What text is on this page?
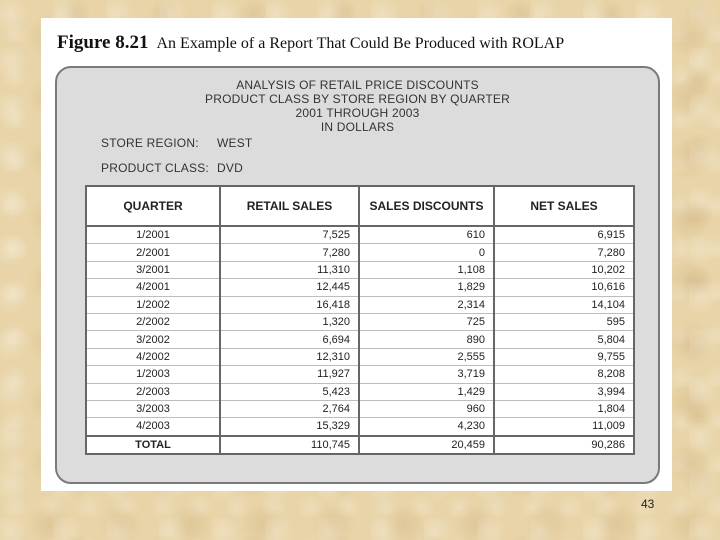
Figure 8.21 An Example of a Report That Could Be Produced with ROLAP
ANALYSIS OF RETAIL PRICE DISCOUNTS
PRODUCT CLASS BY STORE REGION BY QUARTER
2001 THROUGH 2003
IN DOLLARS
STORE REGION: WEST
PRODUCT CLASS: DVD
QUARTER	RETAIL SALES	SALES DISCOUNTS	NET SALES
1/2001	7,525	610	6,915
2/2001	7,280	0	7,280
3/2001	11,310	1,108	10,202
4/2001	12,445	1,829	10,616
1/2002	16,418	2,314	14,104
2/2002	1,320	725	595
3/2002	6,694	890	5,804
4/2002	12,310	2,555	9,755
1/2003	11,927	3,719	8,208
2/2003	5,423	1,429	3,994
3/2003	2,764	960	1,804
4/2003	15,329	4,230	11,009
TOTAL	110,745	20,459	90,286
43
